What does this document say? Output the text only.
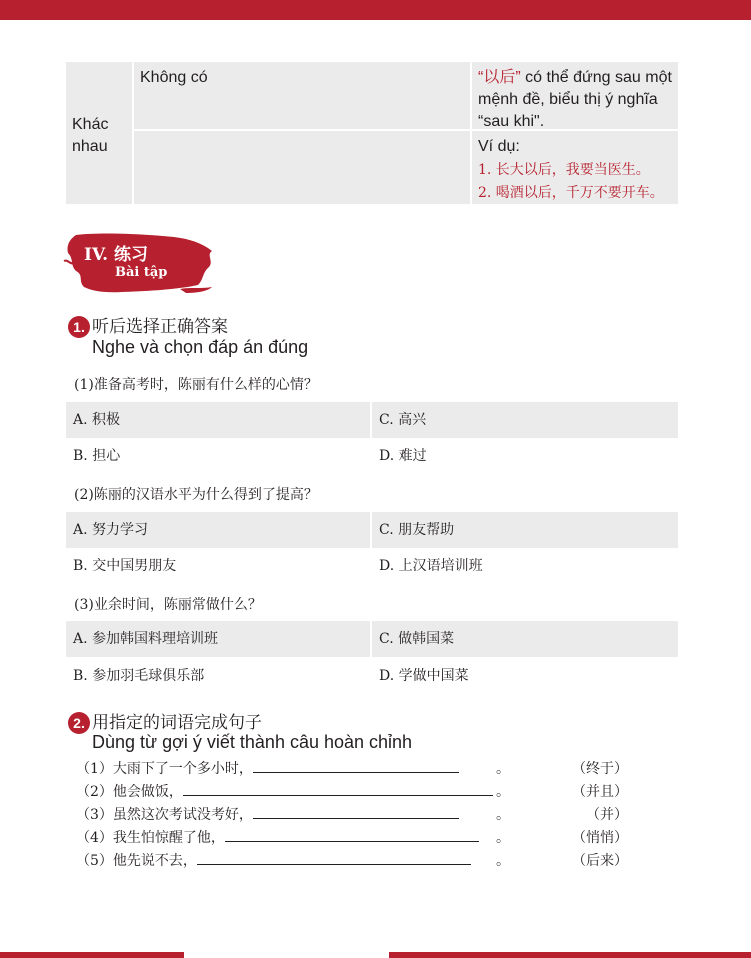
Khác nhau
Không có	“以后” có thể đứng sau một mệnh đề, biểu thị ý nghĩa “sau khi".
Ví dụ:
1. 长大以后，我要当医生。
2. 喝酒以后，千万不要开车。
IV. 练习
Bài tập
1. 听后选择正确答案
Nghe và chọn đáp án đúng
(1)准备高考时，陈丽有什么样的心情？
A. 积极	C. 高兴
B. 担心	D. 难过
(2)陈丽的汉语水平为什么得到了提高？
A. 努力学习	C. 朋友帮助
B. 交中国男朋友	D. 上汉语培训班
(3)业余时间，陈丽常做什么？
A. 参加韩国料理培训班	C. 做韩国菜
B. 参加羽毛球俱乐部	D. 学做中国菜
2. 用指定的词语完成句子
Dùng từ gợi ý viết thành câu hoàn chỉnh
（1）大雨下了一个多小时，	。	（终于）
（2）他会做饭，	。	（并且）
（3）虽然这次考试没考好，	。	（并）
（4）我生怕惊醒了他，	。	（悄悄）
（5）他先说不去，	。	（后来）
